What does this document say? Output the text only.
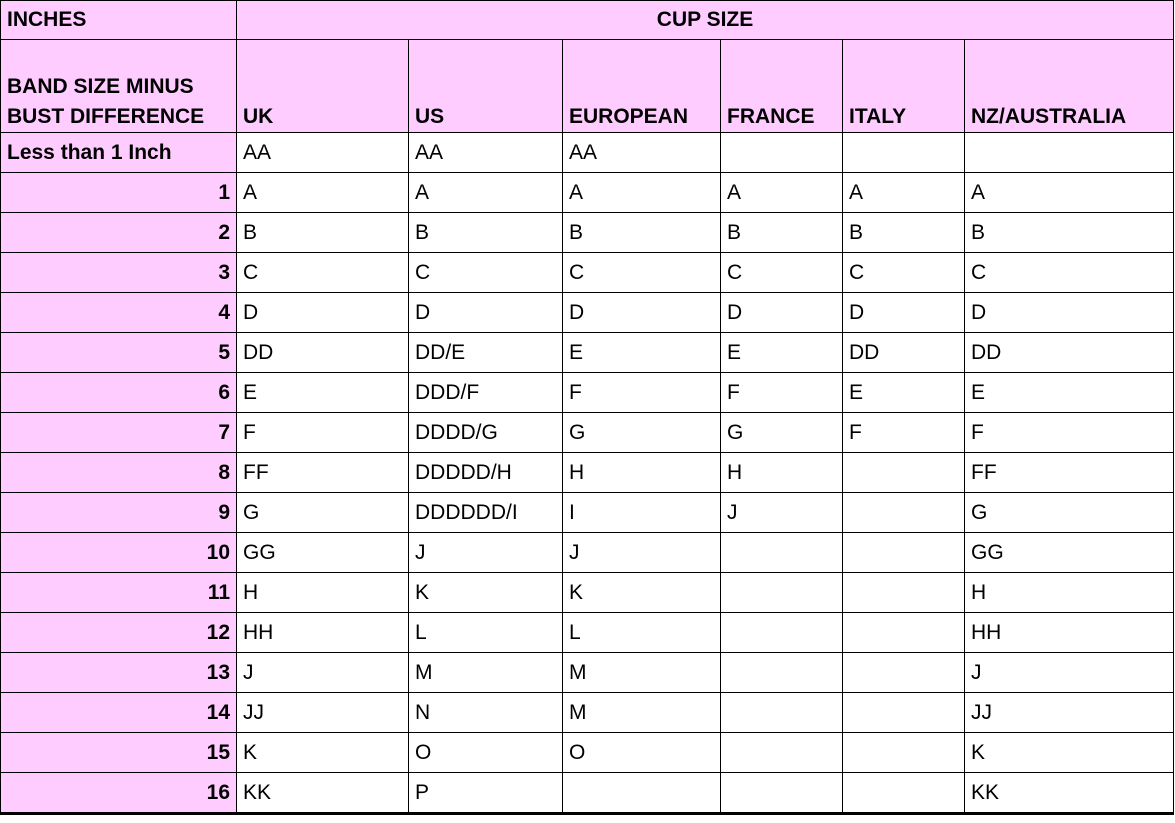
INCHES	CUP SIZE					

BAND SIZE MINUS
BUST DIFFERENCE	UK	US	EUROPEAN	FRANCE	ITALY	NZ/AUSTRALIA
Less than 1 Inch	AA	AA	AA			
1	A	A	A	A	A	A
2	B	B	B	B	B	B
3	C	C	C	C	C	C
4	D	D	D	D	D	D
5	DD	DD/E	E	E	DD	DD
6	E	DDD/F	F	F	E	E
7	F	DDDD/G	G	G	F	F
8	FF	DDDDD/H	H	H		FF
9	G	DDDDDD/I	I	J		G
10	GG	J	J			GG
11	H	K	K			H
12	HH	L	L			HH
13	J	M	M			J
14	JJ	N	M			JJ
15	K	O	O			K
16	KK	P				KK
